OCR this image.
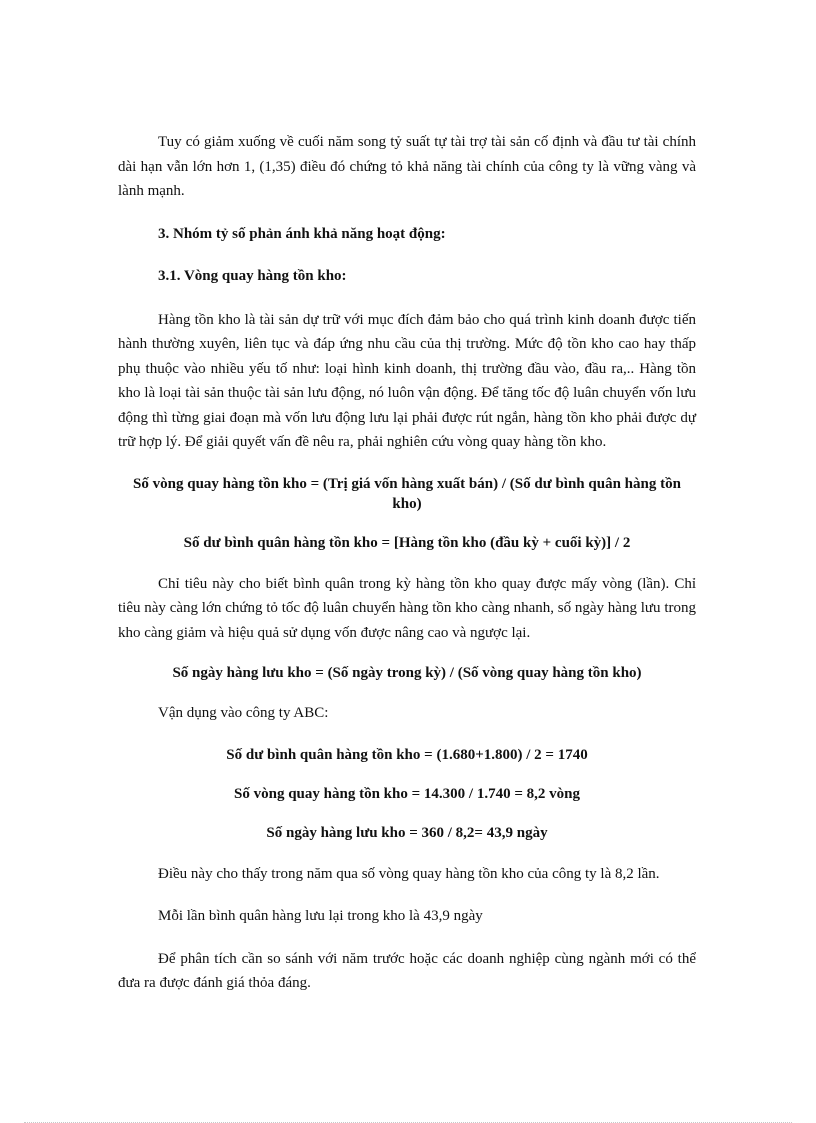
Tuy có giảm xuống về cuối năm song tỷ suất tự tài trợ tài sản cố định và đầu tư tài chính dài hạn vẫn lớn hơn 1, (1,35) điều đó chứng tỏ khả năng tài chính của công ty là vững vàng và lành mạnh.

3. Nhóm tỷ số phản ánh khả năng hoạt động:

3.1. Vòng quay hàng tồn kho:

Hàng tồn kho là tài sản dự trữ với mục đích đảm bảo cho quá trình kinh doanh được tiến hành thường xuyên, liên tục và đáp ứng nhu cầu của thị trường. Mức độ tồn kho cao hay thấp phụ thuộc vào nhiều yếu tố như: loại hình kinh doanh, thị trường đầu vào, đầu ra,.. Hàng tồn kho là loại tài sản thuộc tài sản lưu động, nó luôn vận động. Để tăng tốc độ luân chuyển vốn lưu động thì từng giai đoạn mà vốn lưu động lưu lại phải được rút ngắn, hàng tồn kho phải được dự trữ hợp lý. Để giải quyết vấn đề nêu ra, phải nghiên cứu vòng quay hàng tồn kho.

Số vòng quay hàng tồn kho = (Trị giá vốn hàng xuất bán) / (Số dư bình quân hàng tồn kho)

Số dư bình quân hàng tồn kho = [Hàng tồn kho (đầu kỳ + cuối kỳ)] / 2

Chỉ tiêu này cho biết bình quân trong kỳ hàng tồn kho quay được mấy vòng (lần). Chỉ tiêu này càng lớn chứng tỏ tốc độ luân chuyển hàng tồn kho càng nhanh, số ngày hàng lưu trong kho càng giảm và hiệu quả sử dụng vốn được nâng cao và ngược lại.

Số ngày hàng lưu kho = (Số ngày trong kỳ) / (Số vòng quay hàng tồn kho)

Vận dụng vào công ty ABC:

Số dư bình quân hàng tồn kho = (1.680+1.800) / 2 = 1740

Số vòng quay hàng tồn kho = 14.300 / 1.740 = 8,2 vòng

Số ngày hàng lưu kho = 360 / 8,2= 43,9 ngày

Điều này cho thấy trong năm qua số vòng quay hàng tồn kho của công ty là 8,2 lần.

Mỗi lần bình quân hàng lưu lại trong kho là 43,9 ngày

Để phân tích cần so sánh với năm trước hoặc các doanh nghiệp cùng ngành mới có thể đưa ra được đánh giá thỏa đáng.
